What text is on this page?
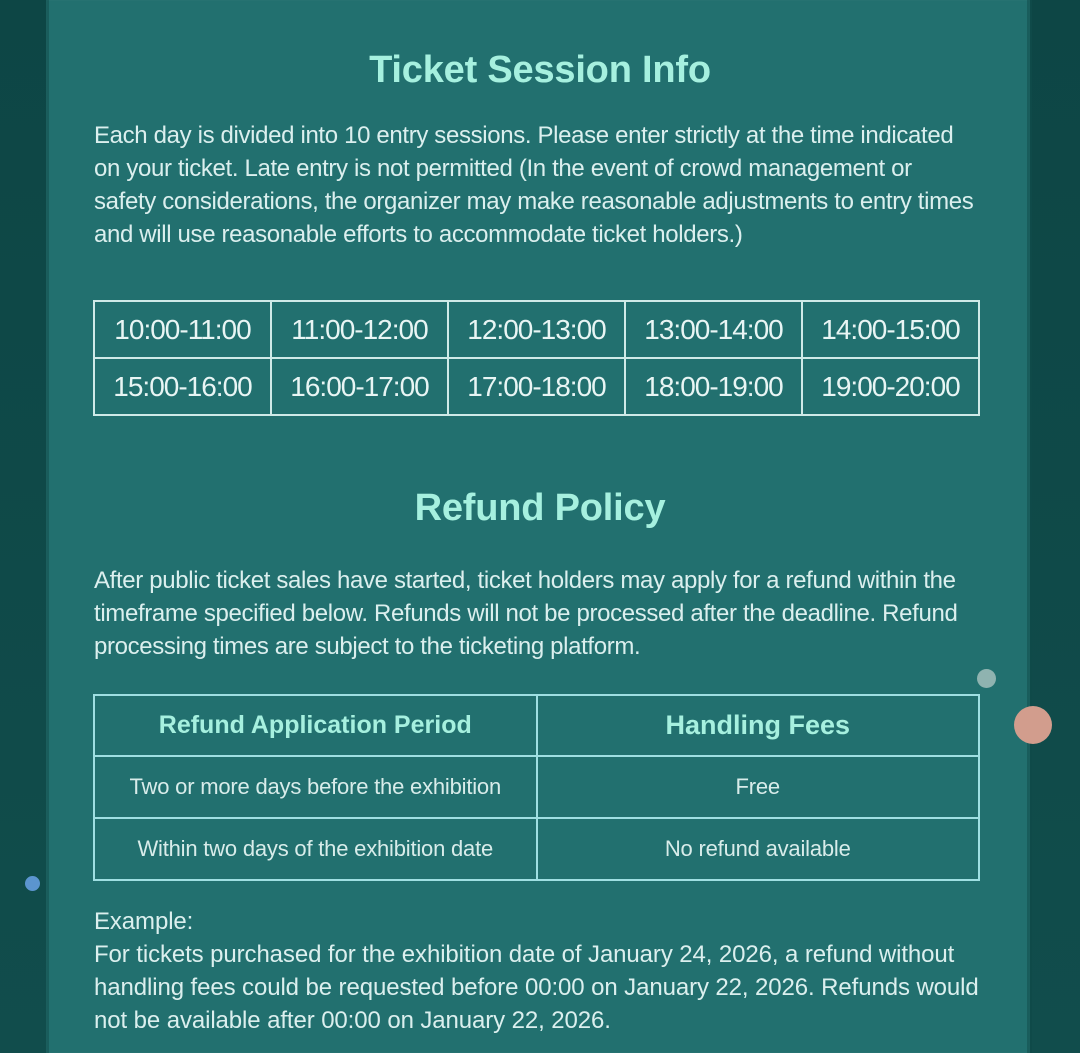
Ticket Session Info
Each day is divided into 10 entry sessions. Please enter strictly at the time indicated on your ticket. Late entry is not permitted (In the event of crowd management or safety considerations, the organizer may make reasonable adjustments to entry times and will use reasonable efforts to accommodate ticket holders.)
10:00-11:00	11:00-12:00	12:00-13:00	13:00-14:00	14:00-15:00
15:00-16:00	16:00-17:00	17:00-18:00	18:00-19:00	19:00-20:00
Refund Policy
After public ticket sales have started, ticket holders may apply for a refund within the timeframe specified below. Refunds will not be processed after the deadline. Refund processing times are subject to the ticketing platform.
Refund Application Period	Handling Fees
Two or more days before the exhibition	Free
Within two days of the exhibition date	No refund available
Example:
For tickets purchased for the exhibition date of January 24, 2026, a refund without handling fees could be requested before 00:00 on January 22, 2026. Refunds would not be available after 00:00 on January 22, 2026.
